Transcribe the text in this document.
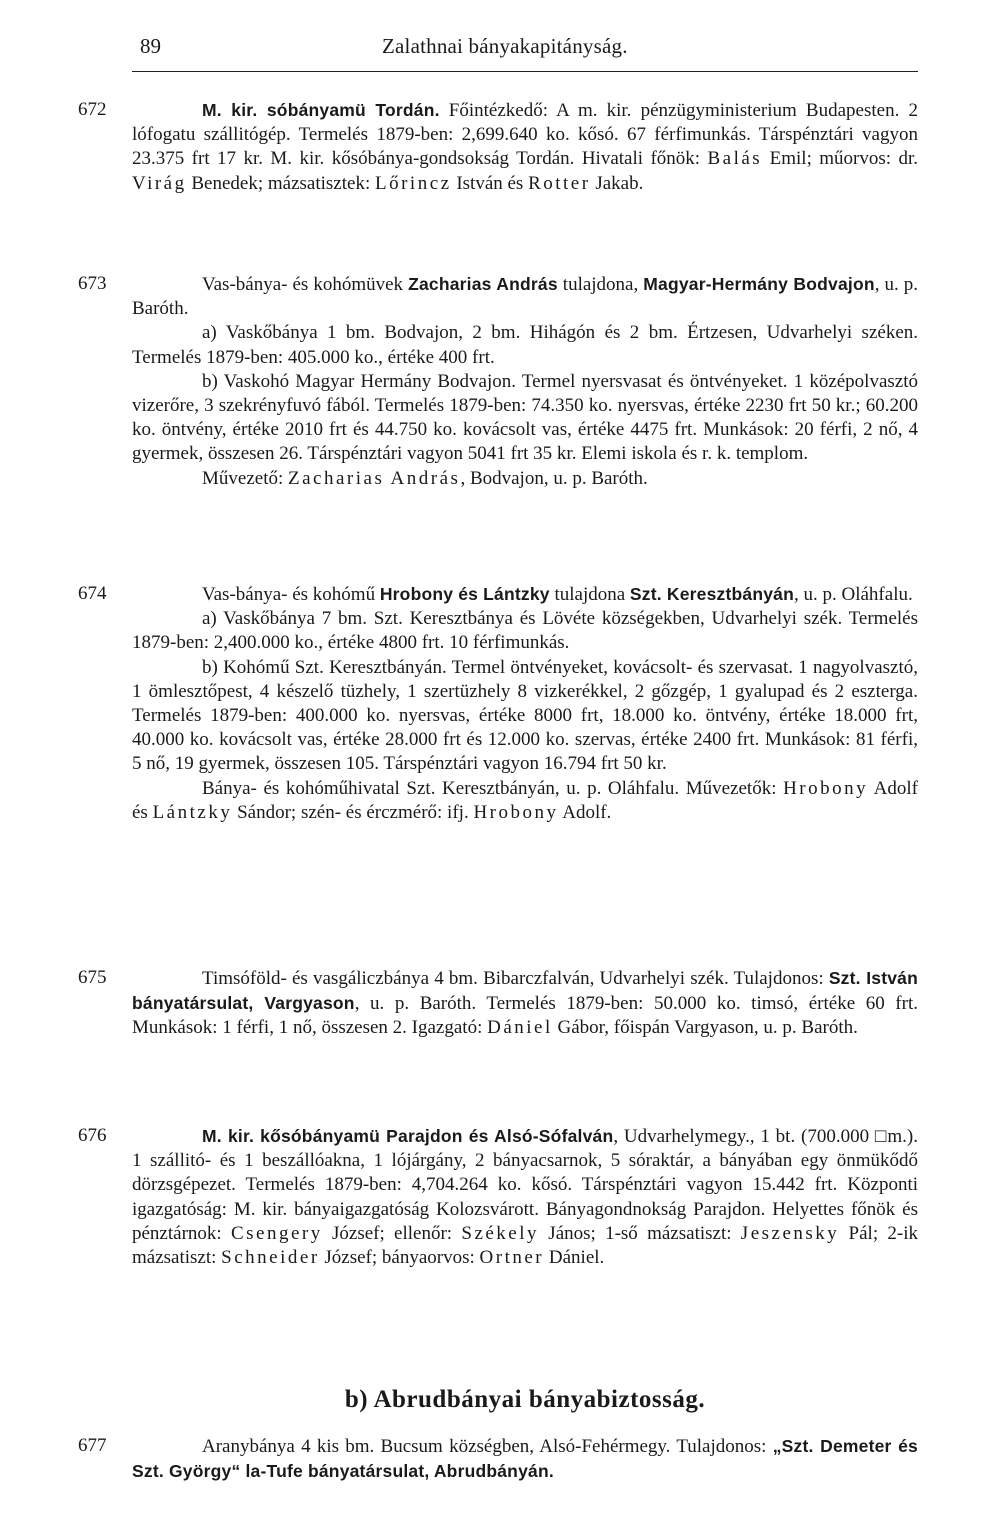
89	Zalathnai bányakapitányság.
672	M. kir. sóbányamü Tordán. Főintézkedő: A m. kir. pénzügyministerium Budapesten. 2 lófogatu szállitógép. Termelés 1879-ben: 2,699.640 ko. kősó. 67 férfimunkás. Társpénztári vagyon 23.375 frt 17 kr. M. kir. kősóbánya-gondsokság Tordán. Hivatali főnök: Balás Emil; műorvos: dr. Virág Benedek; mázsatisztek: Lőrincz István és Rotter Jakab.

673	Vas-bánya- és kohómüvek Zacharias András tulajdona, Magyar-Hermány Bodvajon, u. p. Baróth.

a) Vaskőbánya 1 bm. Bodvajon, 2 bm. Hihágón és 2 bm. Értzesen, Udvarhelyi széken. Termelés 1879-ben: 405.000 ko., értéke 400 frt.

b) Vaskohó Magyar Hermány Bodvajon. Termel nyersvasat és öntvényeket. 1 középolvasztó vizerőre, 3 szekrényfuvó fából. Termelés 1879-ben: 74.350 ko. nyersvas, értéke 2230 frt 50 kr.; 60.200 ko. öntvény, értéke 2010 frt és 44.750 ko. kovácsolt vas, értéke 4475 frt. Munkások: 20 férfi, 2 nő, 4 gyermek, összesen 26. Társpénztári vagyon 5041 frt 35 kr. Elemi iskola és r. k. templom.

Művezető: Zacharias András, Bodvajon, u. p. Baróth.

674	Vas-bánya- és kohómű Hrobony és Lántzky tulajdona Szt. Keresztbányán, u. p. Oláhfalu.

a) Vaskőbánya 7 bm. Szt. Keresztbánya és Lövéte községekben, Udvarhelyi szék. Termelés 1879-ben: 2,400.000 ko., értéke 4800 frt. 10 férfimunkás.

b) Kohómű Szt. Keresztbányán. Termel öntvényeket, kovácsolt- és szervasat. 1 nagyolvasztó, 1 ömlesztőpest, 4 készelő tüzhely, 1 szertüzhely 8 vizkerékkel, 2 gőzgép, 1 gyalupad és 2 eszterga. Termelés 1879-ben: 400.000 ko. nyersvas, értéke 8000 frt, 18.000 ko. öntvény, értéke 18.000 frt, 40.000 ko. kovácsolt vas, értéke 28.000 frt és 12.000 ko. szervas, értéke 2400 frt. Munkások: 81 férfi, 5 nő, 19 gyermek, összesen 105. Társpénztári vagyon 16.794 frt 50 kr.

Bánya- és kohóműhivatal Szt. Keresztbányán, u. p. Oláhfalu. Művezetők: Hrobony Adolf és Lántzky Sándor; szén- és érczmérő: ifj. Hrobony Adolf.

675	Timsóföld- és vasgáliczbánya 4 bm. Bibarczfalván, Udvarhelyi szék. Tulajdonos: Szt. István bányatársulat, Vargyason, u. p. Baróth. Termelés 1879-ben: 50.000 ko. timsó, értéke 60 frt. Munkások: 1 férfi, 1 nő, összesen 2. Igazgató: Dániel Gábor, főispán Vargyason, u. p. Baróth.

676	M. kir. kősóbányamü Parajdon és Alsó-Sófalván, Udvarhelymegy., 1 bt. (700.000 □m.). 1 szállitó- és 1 beszállóakna, 1 lójárgány, 2 bányacsarnok, 5 sóraktár, a bányában egy önmükődő dörzsgépezet. Termelés 1879-ben: 4,704.264 ko. kősó. Társpénztári vagyon 15.442 frt. Központi igazgatóság: M. kir. bányaigazgatóság Kolozsvárott. Bányagondnokság Parajdon. Helyettes főnök és pénztárnok: Csengery József; ellenőr: Székely János; 1-ső mázsatiszt: Jeszensky Pál; 2-ik mázsatiszt: Schneider József; bányaorvos: Ortner Dániel.

b) Abrudbányai bányabiztosság.
677	Aranybánya 4 kis bm. Bucsum községben, Alsó-Fehérmegy. Tulajdonos: „Szt. Demeter és Szt. György“ la-Tufe bányatársulat, Abrudbányán.
